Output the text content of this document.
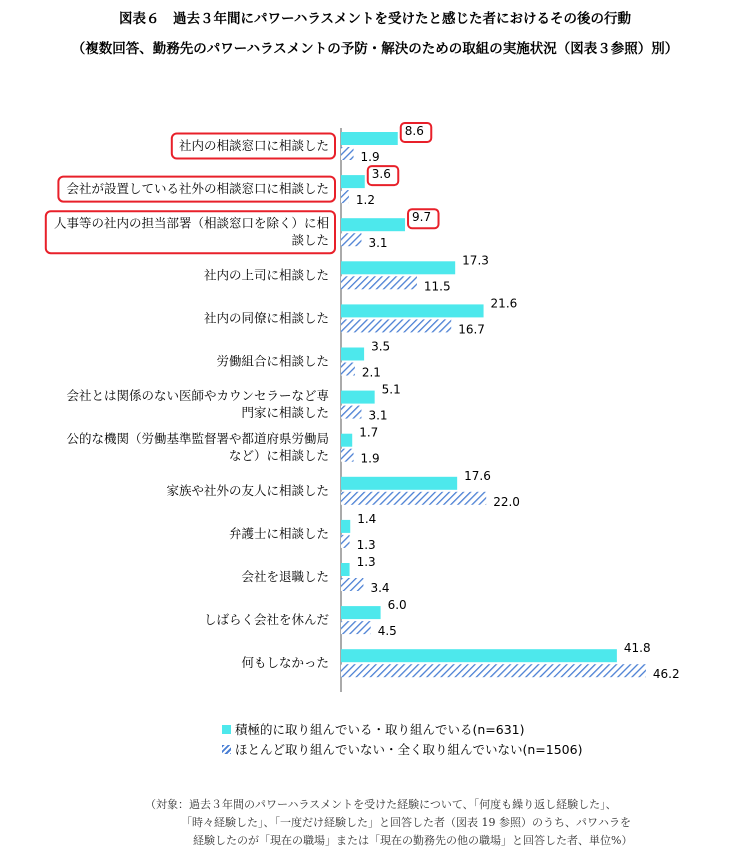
図表６　過去３年間にパワーハラスメントを受けたと感じた者におけるその後の行動
（複数回答、勤務先のパワーハラスメントの予防・解決のための取組の実施状況（図表３参照）別）
社内の相談窓口に相談した
8.6
1.9
会社が設置している社外の相談窓口に相談した
3.6
1.2
人事等の社内の担当部署（相談窓口を除く）に相
談した
9.7
3.1
社内の上司に相談した
17.3
11.5
社内の同僚に相談した
21.6
16.7
労働組合に相談した
3.5
2.1
会社とは関係のない医師やカウンセラーなど専
門家に相談した
5.1
3.1
公的な機関（労働基準監督署や都道府県労働局
など）に相談した
1.7
1.9
家族や社外の友人に相談した
17.6
22.0
弁護士に相談した
1.4
1.3
会社を退職した
1.3
3.4
しばらく会社を休んだ
6.0
4.5
何もしなかった
41.8
46.2
積極的に取り組んでいる・取り組んでいる(n=631)
ほとんど取り組んでいない・全く取り組んでいない(n=1506)
（対象：過去３年間のパワーハラスメントを受けた経験について、「何度も繰り返し経験した」、
「時々経験した」、「一度だけ経験した」と回答した者（図表 19 参照）のうち、パワハラを
経験したのが「現在の職場」または「現在の勤務先の他の職場」と回答した者、単位%）
